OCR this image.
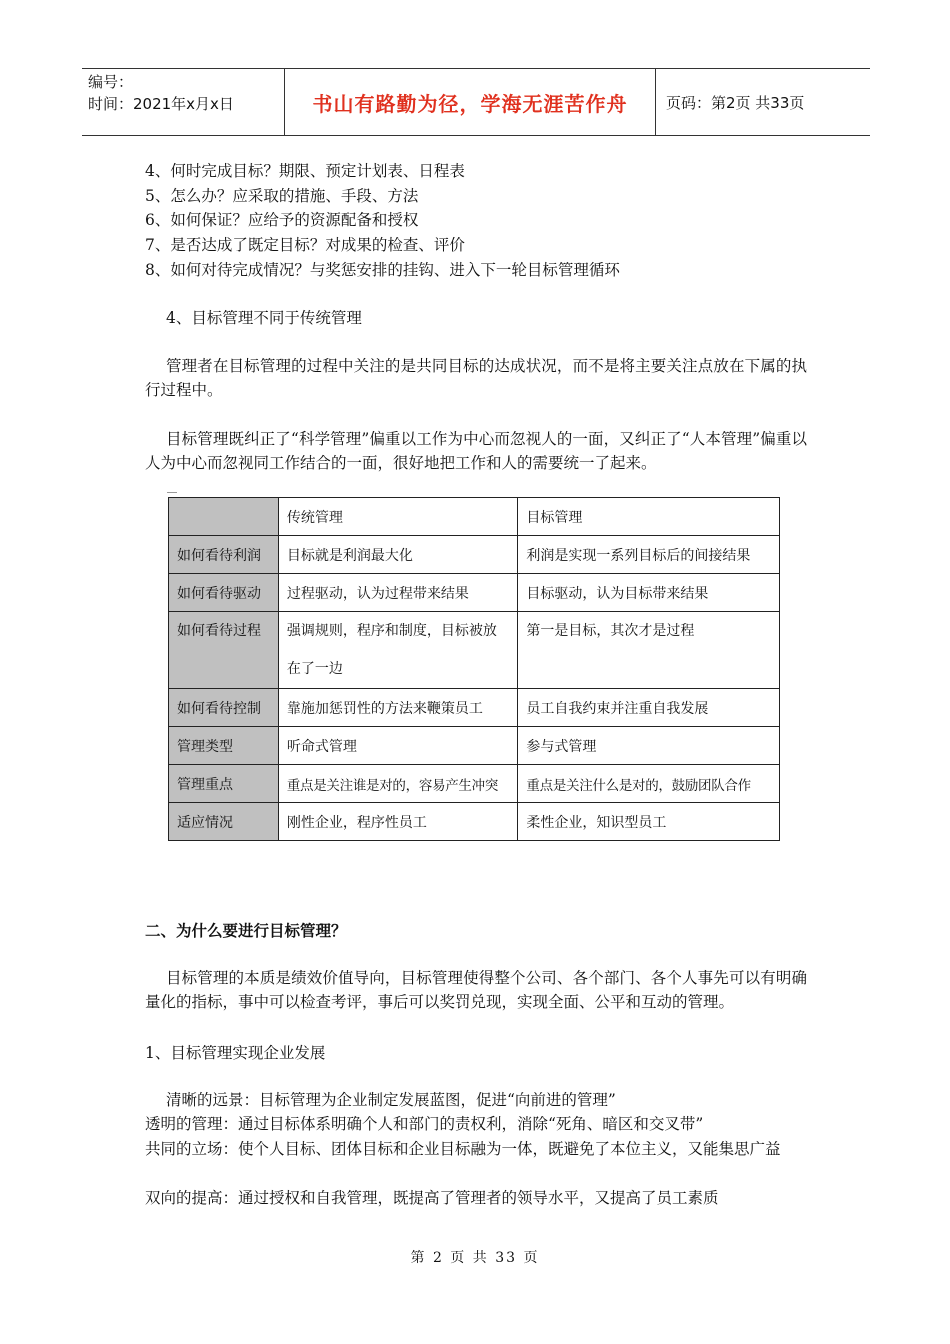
编号：
时间：2021年x月x日	书山有路勤为径，学海无涯苦作舟	页码：第2页 共33页
4、何时完成目标？期限、预定计划表、日程表
5、怎么办？应采取的措施、手段、方法
6、如何保证？应给予的资源配备和授权
7、是否达成了既定目标？对成果的检查、评价
8、如何对待完成情况？与奖惩安排的挂钩、进入下一轮目标管理循环
4、目标管理不同于传统管理
管理者在目标管理的过程中关注的是共同目标的达成状况，而不是将主要关注点放在下属的执行过程中。
目标管理既纠正了“科学管理”偏重以工作为中心而忽视人的一面，又纠正了“人本管理”偏重以人为中心而忽视同工作结合的一面，很好地把工作和人的需要统一了起来。
	传统管理	目标管理
如何看待利润	目标就是利润最大化	利润是实现一系列目标后的间接结果
如何看待驱动	过程驱动，认为过程带来结果	目标驱动，认为目标带来结果
如何看待过程	强调规则，程序和制度，目标被放在了一边	第一是目标，其次才是过程
如何看待控制	靠施加惩罚性的方法来鞭策员工	员工自我约束并注重自我发展
管理类型	听命式管理	参与式管理
管理重点	重点是关注谁是对的，容易产生冲突	重点是关注什么是对的，鼓励团队合作
适应情况	刚性企业，程序性员工	柔性企业，知识型员工
二、为什么要进行目标管理？
目标管理的本质是绩效价值导向，目标管理使得整个公司、各个部门、各个人事先可以有明确量化的指标，事中可以检查考评，事后可以奖罚兑现，实现全面、公平和互动的管理。
1、目标管理实现企业发展
清晰的远景：目标管理为企业制定发展蓝图，促进“向前进的管理”
透明的管理：通过目标体系明确个人和部门的责权利，消除“死角、暗区和交叉带”
共同的立场：使个人目标、团体目标和企业目标融为一体，既避免了本位主义，又能集思广益
双向的提高：通过授权和自我管理，既提高了管理者的领导水平，又提高了员工素质
第 2 页 共 33 页
